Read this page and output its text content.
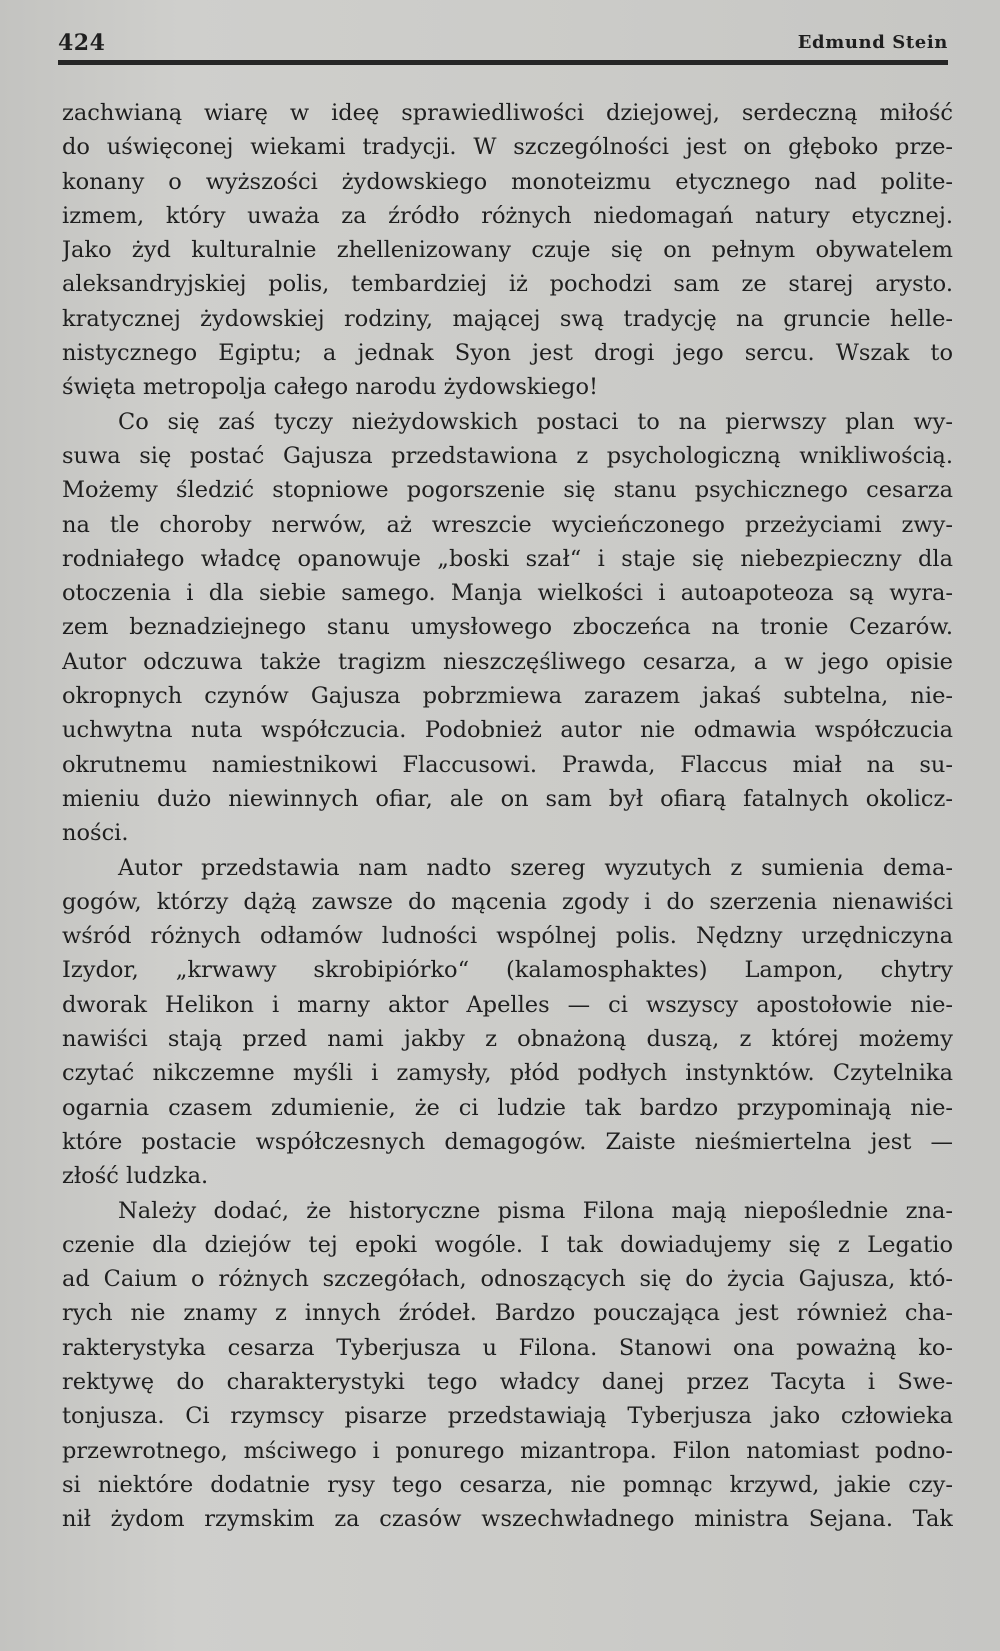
424	Edmund Stein
zachwianą wiarę w ideę sprawiedliwości dziejowej, serdeczną miłość
do uświęconej wiekami tradycji. W szczególności jest on głęboko prze-
konany o wyższości żydowskiego monoteizmu etycznego nad polite-
izmem, który uważa za źródło różnych niedomagań natury etycznej.
Jako żyd kulturalnie zhellenizowany czuje się on pełnym obywatelem
aleksandryjskiej polis, tembardziej iż pochodzi sam ze starej arysto.
kratycznej żydowskiej rodziny, mającej swą tradycję na gruncie helle-
nistycznego Egiptu; a jednak Syon jest drogi jego sercu. Wszak to
święta metropolja całego narodu żydowskiego!
Co się zaś tyczy nieżydowskich postaci to na pierwszy plan wy-
suwa się postać Gajusza przedstawiona z psychologiczną wnikliwością.
Możemy śledzić stopniowe pogorszenie się stanu psychicznego cesarza
na tle choroby nerwów, aż wreszcie wycieńczonego przeżyciami zwy-
rodniałego władcę opanowuje „boski szał“ i staje się niebezpieczny dla
otoczenia i dla siebie samego. Manja wielkości i autoapoteoza są wyra-
zem beznadziejnego stanu umysłowego zboczeńca na tronie Cezarów.
Autor odczuwa także tragizm nieszczęśliwego cesarza, a w jego opisie
okropnych czynów Gajusza pobrzmiewa zarazem jakaś subtelna, nie-
uchwytna nuta współczucia. Podobnież autor nie odmawia współczucia
okrutnemu namiestnikowi Flaccusowi. Prawda, Flaccus miał na su-
mieniu dużo niewinnych ofiar, ale on sam był ofiarą fatalnych okolicz-
ności.
Autor przedstawia nam nadto szereg wyzutych z sumienia dema-
gogów, którzy dążą zawsze do mącenia zgody i do szerzenia nienawiści
wśród różnych odłamów ludności wspólnej polis. Nędzny urzędniczyna
Izydor, „krwawy skrobipiórko“ (kalamosphaktes) Lampon, chytry
dworak Helikon i marny aktor Apelles — ci wszyscy apostołowie nie-
nawiści stają przed nami jakby z obnażoną duszą, z której możemy
czytać nikczemne myśli i zamysły, płód podłych instynktów. Czytelnika
ogarnia czasem zdumienie, że ci ludzie tak bardzo przypominają nie-
które postacie współczesnych demagogów. Zaiste nieśmiertelna jest —
złość ludzka.
Należy dodać, że historyczne pisma Filona mają niepoślednie zna-
czenie dla dziejów tej epoki wogóle. I tak dowiadujemy się z Legatio
ad Caium o różnych szczegółach, odnoszących się do życia Gajusza, któ-
rych nie znamy z innych źródeł. Bardzo pouczająca jest również cha-
rakterystyka cesarza Tyberjusza u Filona. Stanowi ona poważną ko-
rektywę do charakterystyki tego władcy danej przez Tacyta i Swe-
tonjusza. Ci rzymscy pisarze przedstawiają Tyberjusza jako człowieka
przewrotnego, mściwego i ponurego mizantropa. Filon natomiast podno-
si niektóre dodatnie rysy tego cesarza, nie pomnąc krzywd, jakie czy-
nił żydom rzymskim za czasów wszechwładnego ministra Sejana. Tak
